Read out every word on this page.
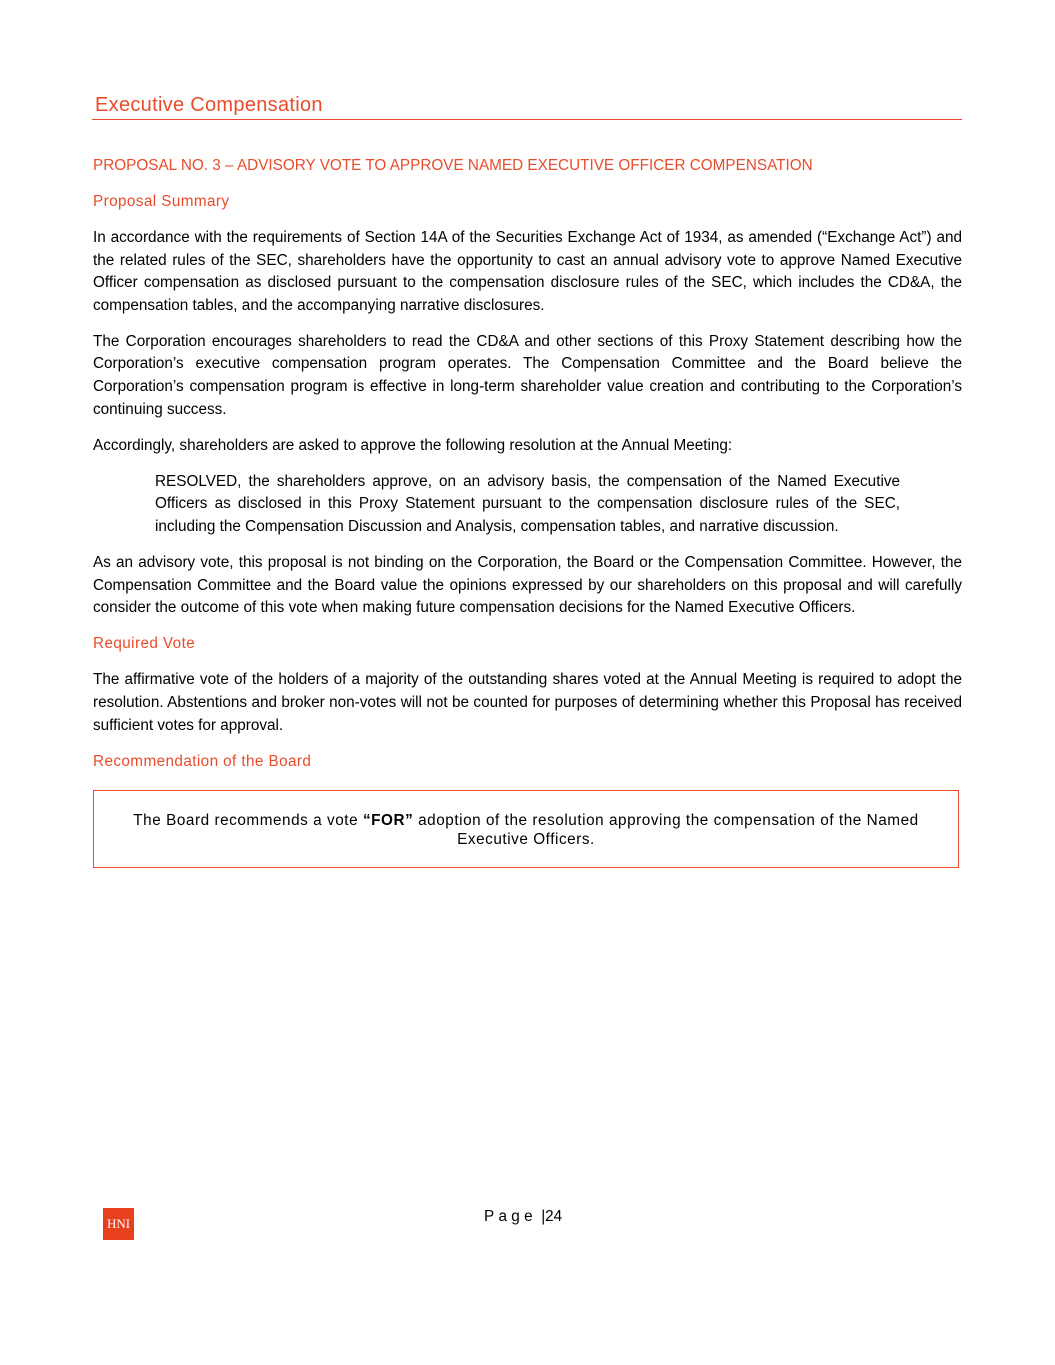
Executive Compensation
PROPOSAL NO. 3 – ADVISORY VOTE TO APPROVE NAMED EXECUTIVE OFFICER COMPENSATION
Proposal Summary

In accordance with the requirements of Section 14A of the Securities Exchange Act of 1934, as amended (“Exchange Act”) and the related rules of the SEC, shareholders have the opportunity to cast an annual advisory vote to approve Named Executive Officer compensation as disclosed pursuant to the compensation disclosure rules of the SEC, which includes the CD&A, the compensation tables, and the accompanying narrative disclosures.

The Corporation encourages shareholders to read the CD&A and other sections of this Proxy Statement describing how the Corporation’s executive compensation program operates. The Compensation Committee and the Board believe the Corporation’s compensation program is effective in long-term shareholder value creation and contributing to the Corporation’s continuing success.

Accordingly, shareholders are asked to approve the following resolution at the Annual Meeting:

RESOLVED, the shareholders approve, on an advisory basis, the compensation of the Named Executive Officers as disclosed in this Proxy Statement pursuant to the compensation disclosure rules of the SEC, including the Compensation Discussion and Analysis, compensation tables, and narrative discussion.

As an advisory vote, this proposal is not binding on the Corporation, the Board or the Compensation Committee. However, the Compensation Committee and the Board value the opinions expressed by our shareholders on this proposal and will carefully consider the outcome of this vote when making future compensation decisions for the Named Executive Officers.

Required Vote

The affirmative vote of the holders of a majority of the outstanding shares voted at the Annual Meeting is required to adopt the resolution. Abstentions and broker non-votes will not be counted for purposes of determining whether this Proposal has received sufficient votes for approval.

Recommendation of the Board
The Board recommends a vote “FOR” adoption of the resolution approving the compensation of the Named Executive Officers.
HNI	Page |24
